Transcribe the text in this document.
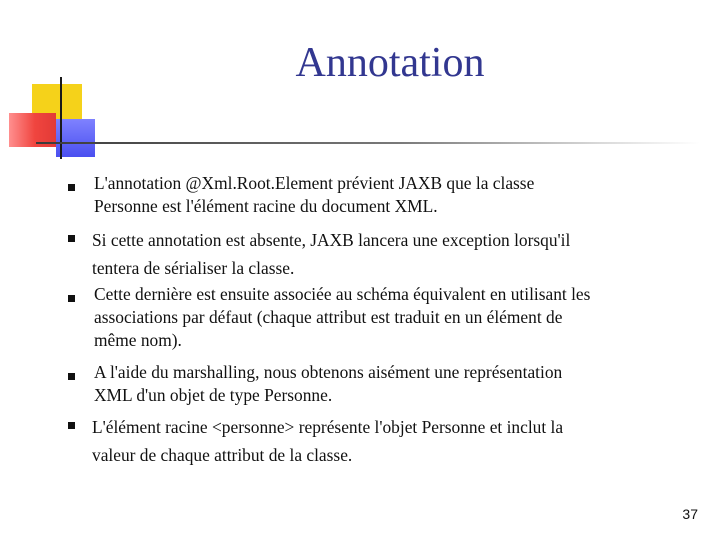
Annotation
L'annotation @Xml.Root.Element prévient JAXB que la classe
Personne est l'élément racine du document XML.
Si cette annotation est absente, JAXB lancera une exception lorsqu'il
tentera de sérialiser la classe.
Cette dernière est ensuite associée au schéma équivalent en utilisant les
associations par défaut (chaque attribut est traduit en un élément de
même nom).
A l'aide du marshalling, nous obtenons aisément une représentation
XML d'un objet de type Personne.
L'élément racine <personne> représente l'objet Personne et inclut la
valeur de chaque attribut de la classe.
37
